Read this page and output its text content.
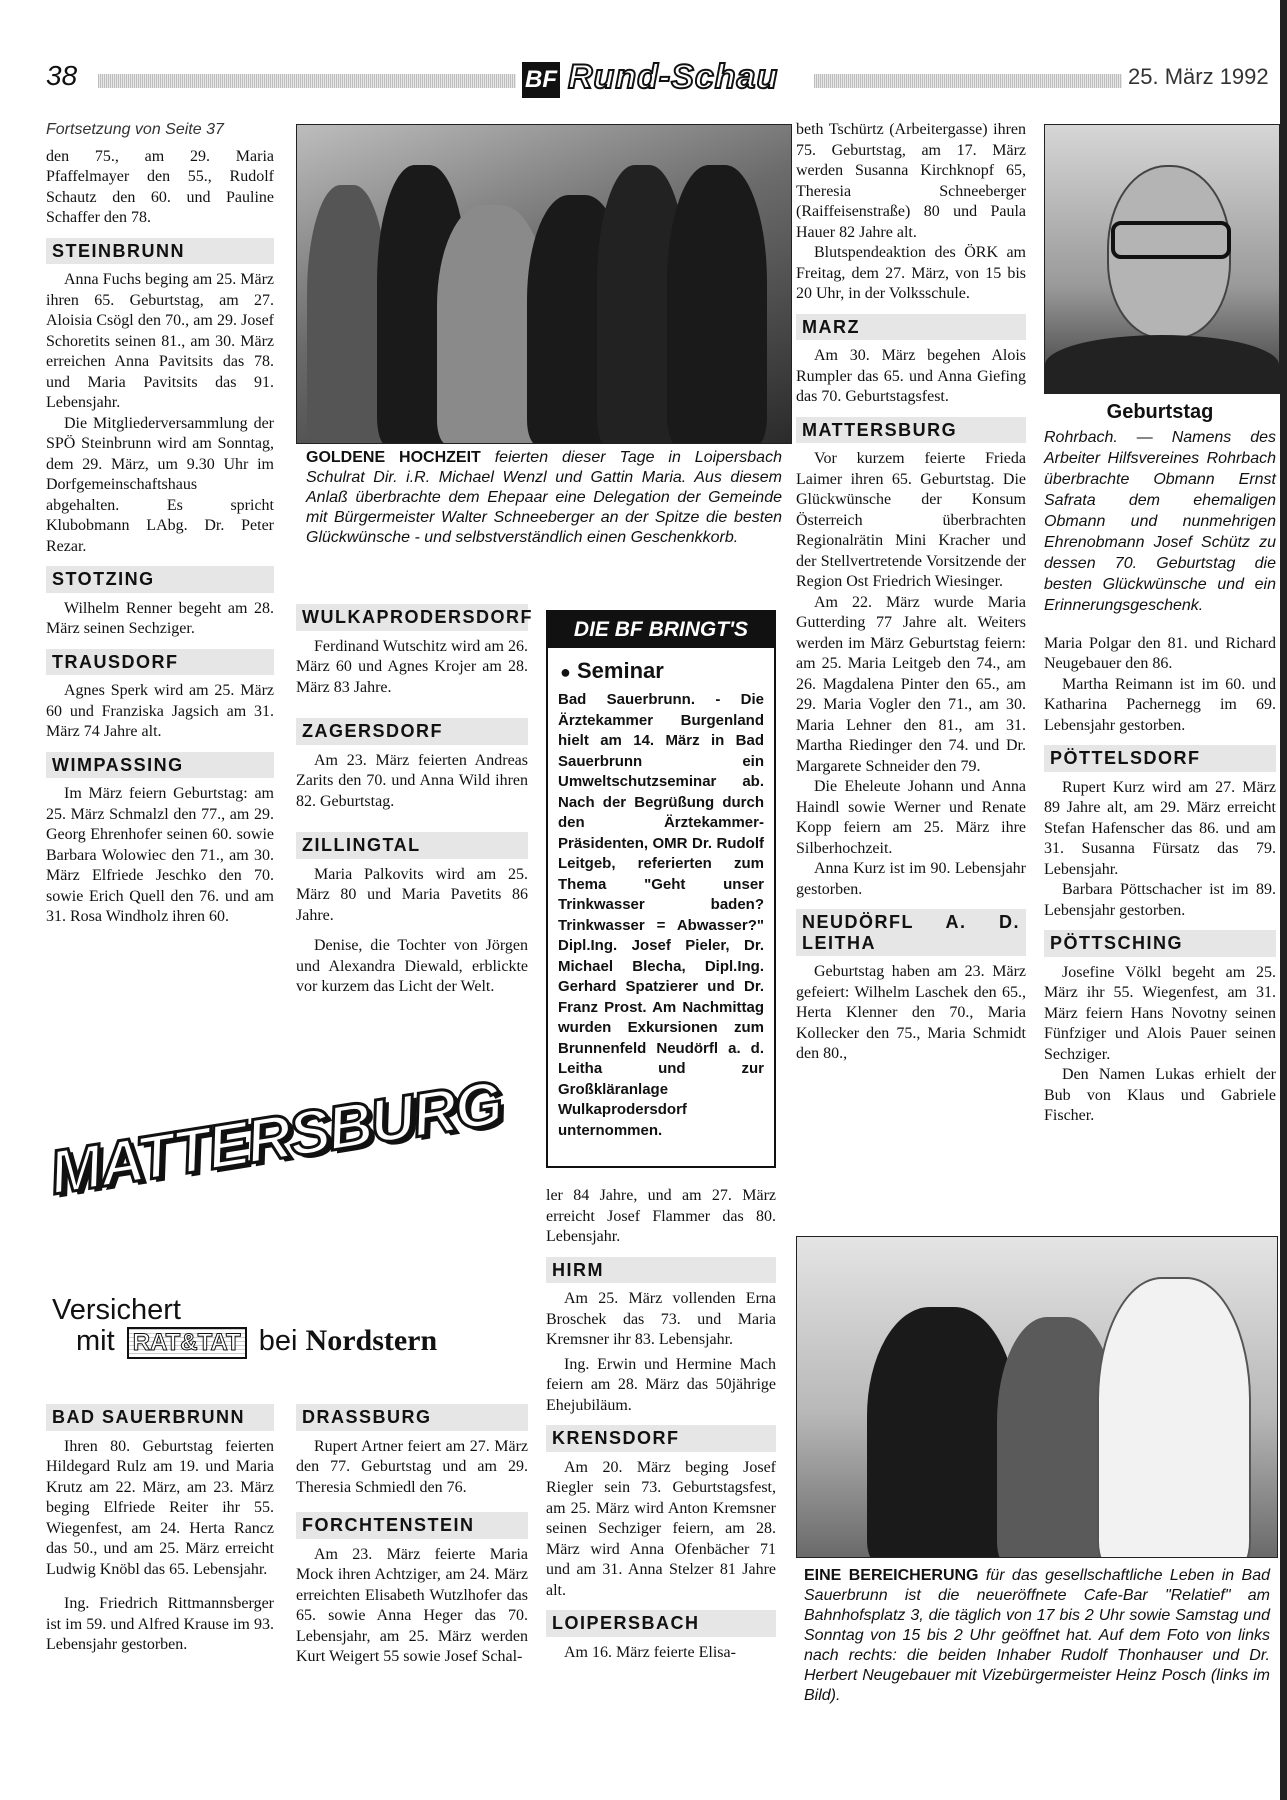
38	BF Rund-Schau	25. März 1992

Fortsetzung von Seite 37

den 75., am 29. Maria Pfaffelmayer den 55., Rudolf Schautz den 60. und Pauline Schaffer den 78.

STEINBRUNN

Anna Fuchs beging am 25. März ihren 65. Geburtstag, am 27. Aloisia Csögl den 70., am 29. Josef Schoretits seinen 81., am 30. März erreichen Anna Pavitsits das 78. und Maria Pavitsits das 91. Lebensjahr.

Die Mitgliederversammlung der SPÖ Steinbrunn wird am Sonntag, dem 29. März, um 9.30 Uhr im Dorfgemeinschaftshaus abgehalten. Es spricht Klubobmann LAbg. Dr. Peter Rezar.

STOTZING

Wilhelm Renner begeht am 28. März seinen Sechziger.

TRAUSDORF

Agnes Sperk wird am 25. März 60 und Franziska Jagsich am 31. März 74 Jahre alt.

WIMPASSING

Im März feiern Geburtstag: am 25. März Schmalzl den 77., am 29. Georg Ehrenhofer seinen 60. sowie Barbara Wolowiec den 71., am 30. März Elfriede Jeschko den 70. sowie Erich Quell den 76. und am 31. Rosa Windholz ihren 60.

GOLDENE HOCHZEIT feierten dieser Tage in Loipersbach Schulrat Dir. i.R. Michael Wenzl und Gattin Maria. Aus diesem Anlaß überbrachte dem Ehepaar eine Delegation der Gemeinde mit Bürgermeister Walter Schneeberger an der Spitze die besten Glückwünsche - und selbstverständlich einen Geschenkkorb.
WULKAPRODERSDORF

Ferdinand Wutschitz wird am 26. März 60 und Agnes Krojer am 28. März 83 Jahre.

ZAGERSDORF

Am 23. März feierten Andreas Zarits den 70. und Anna Wild ihren 82. Geburtstag.

ZILLINGTAL

Maria Palkovits wird am 25. März 80 und Maria Pavetits 86 Jahre.

Denise, die Tochter von Jörgen und Alexandra Diewald, erblickte vor kurzem das Licht der Welt.

DIE BF BRINGT'S
● Seminar
Bad Sauerbrunn. - Die Ärztekammer Burgenland hielt am 14. März in Bad Sauerbrunn ein Umweltschutzseminar ab. Nach der Begrüßung durch den Ärztekammer-Präsidenten, OMR Dr. Rudolf Leitgeb, referierten zum Thema "Geht unser Trinkwasser baden? Trinkwasser = Abwasser?" Dipl.Ing. Josef Pieler, Dr. Michael Blecha, Dipl.Ing. Gerhard Spatzierer und Dr. Franz Prost. Am Nachmittag wurden Exkursionen zum Brunnenfeld Neudörfl a. d. Leitha und zur Großkläranlage Wulkaprodersdorf unternommen.
MATTERSBURG
Versichert
mit RAT&TAT bei Nordstern
BAD SAUERBRUNN

Ihren 80. Geburtstag feierten Hildegard Rulz am 19. und Maria Krutz am 22. März, am 23. März beging Elfriede Reiter ihr 55. Wiegenfest, am 24. Herta Rancz das 50., und am 25. März erreicht Ludwig Knöbl das 65. Lebensjahr.

Ing. Friedrich Rittmannsberger ist im 59. und Alfred Krause im 93. Lebensjahr gestorben.

DRASSBURG

Rupert Artner feiert am 27. März den 77. Geburtstag und am 29. Theresia Schmiedl den 76.

FORCHTENSTEIN

Am 23. März feierte Maria Mock ihren Achtziger, am 24. März erreichten Elisabeth Wutzlhofer das 65. sowie Anna Heger das 70. Lebensjahr, am 25. März werden Kurt Weigert 55 sowie Josef Schal-

ler 84 Jahre, und am 27. März erreicht Josef Flammer das 80. Lebensjahr.

HIRM

Am 25. März vollenden Erna Broschek das 73. und Maria Kremsner ihr 83. Lebensjahr.

Ing. Erwin und Hermine Mach feiern am 28. März das 50jährige Ehejubiläum.

KRENSDORF

Am 20. März beging Josef Riegler sein 73. Geburtstagsfest, am 25. März wird Anton Kremsner seinen Sechziger feiern, am 28. März wird Anna Ofenbächer 71 und am 31. Anna Stelzer 81 Jahre alt.

LOIPERSBACH

Am 16. März feierte Elisa-

beth Tschürtz (Arbeitergasse) ihren 75. Geburtstag, am 17. März werden Susanna Kirchknopf 65, Theresia Schneeberger (Raiffeisenstraße) 80 und Paula Hauer 82 Jahre alt.

Blutspendeaktion des ÖRK am Freitag, dem 27. März, von 15 bis 20 Uhr, in der Volksschule.

MARZ

Am 30. März begehen Alois Rumpler das 65. und Anna Giefing das 70. Geburtstagsfest.

MATTERSBURG

Vor kurzem feierte Frieda Laimer ihren 65. Geburtstag. Die Glückwünsche der Konsum Österreich überbrachten Regionalrätin Mini Kracher und der Stellvertretende Vorsitzende der Region Ost Friedrich Wiesinger.

Am 22. März wurde Maria Gutterding 77 Jahre alt. Weiters werden im März Geburtstag feiern: am 25. Maria Leitgeb den 74., am 26. Magdalena Pinter den 65., am 29. Maria Vogler den 71., am 30. Maria Lehner den 81., am 31. Martha Riedinger den 74. und Dr. Margarete Schneider den 79.

Die Eheleute Johann und Anna Haindl sowie Werner und Renate Kopp feiern am 25. März ihre Silberhochzeit.

Anna Kurz ist im 90. Lebensjahr gestorben.

NEUDÖRFL A. D. LEITHA

Geburtstag haben am 23. März gefeiert: Wilhelm Laschek den 65., Herta Klenner den 70., Maria Kollecker den 75., Maria Schmidt den 80.,

Geburtstag

Rohrbach. — Namens des Arbeiter Hilfsvereines Rohrbach überbrachte Obmann Ernst Safrata dem ehemaligen Obmann und nunmehrigen Ehrenobmann Josef Schütz zu dessen 70. Geburtstag die besten Glückwünsche und ein Erinnerungsgeschenk.

Maria Polgar den 81. und Richard Neugebauer den 86.

Martha Reimann ist im 60. und Katharina Pachernegg im 69. Lebensjahr gestorben.

PÖTTELSDORF

Rupert Kurz wird am 27. März 89 Jahre alt, am 29. März erreicht Stefan Hafenscher das 86. und am 31. Susanna Fürsatz das 79. Lebensjahr.

Barbara Pöttschacher ist im 89. Lebensjahr gestorben.

PÖTTSCHING

Josefine Völkl begeht am 25. März ihr 55. Wiegenfest, am 31. März feiern Hans Novotny seinen Fünfziger und Alois Pauer seinen Sechziger.

Den Namen Lukas erhielt der Bub von Klaus und Gabriele Fischer.

EINE BEREICHERUNG für das gesellschaftliche Leben in Bad Sauerbrunn ist die neueröffnete Cafe-Bar "Relatief" am Bahnhofsplatz 3, die täglich von 17 bis 2 Uhr sowie Samstag und Sonntag von 15 bis 2 Uhr geöffnet hat. Auf dem Foto von links nach rechts: die beiden Inhaber Rudolf Thonhauser und Dr. Herbert Neugebauer mit Vizebürgermeister Heinz Posch (links im Bild).
